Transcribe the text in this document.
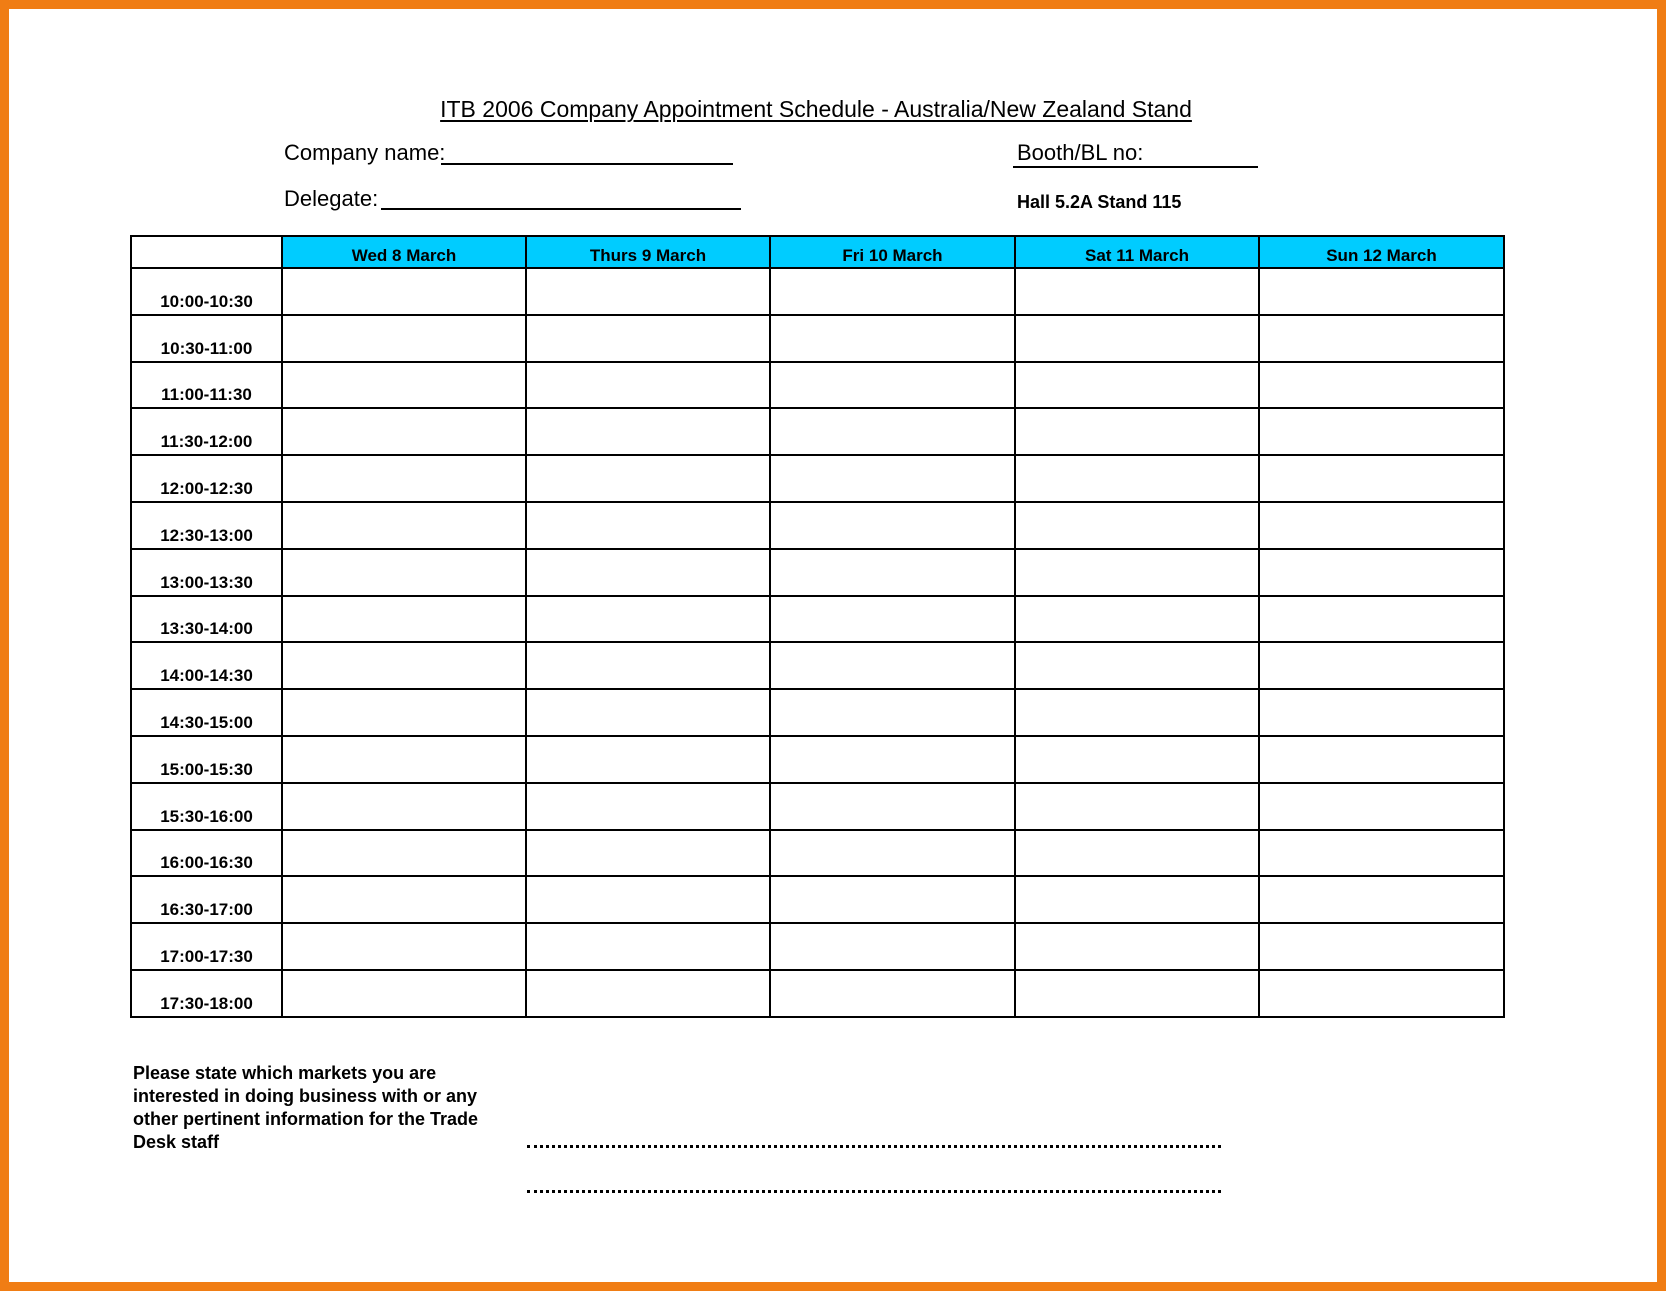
ITB 2006 Company Appointment Schedule - Australia/New Zealand Stand
Company name:	Booth/BL no:
Delegate:	Hall 5.2A Stand 115
	Wed 8 March	Thurs 9 March	Fri 10 March	Sat 11 March	Sun 12 March
10:00-10:30					
10:30-11:00					
11:00-11:30					
11:30-12:00					
12:00-12:30					
12:30-13:00					
13:00-13:30					
13:30-14:00					
14:00-14:30					
14:30-15:00					
15:00-15:30					
15:30-16:00					
16:00-16:30					
16:30-17:00					
17:00-17:30					
17:30-18:00					
Please state which markets you are interested in doing business with or any other pertinent information for the Trade Desk staff
